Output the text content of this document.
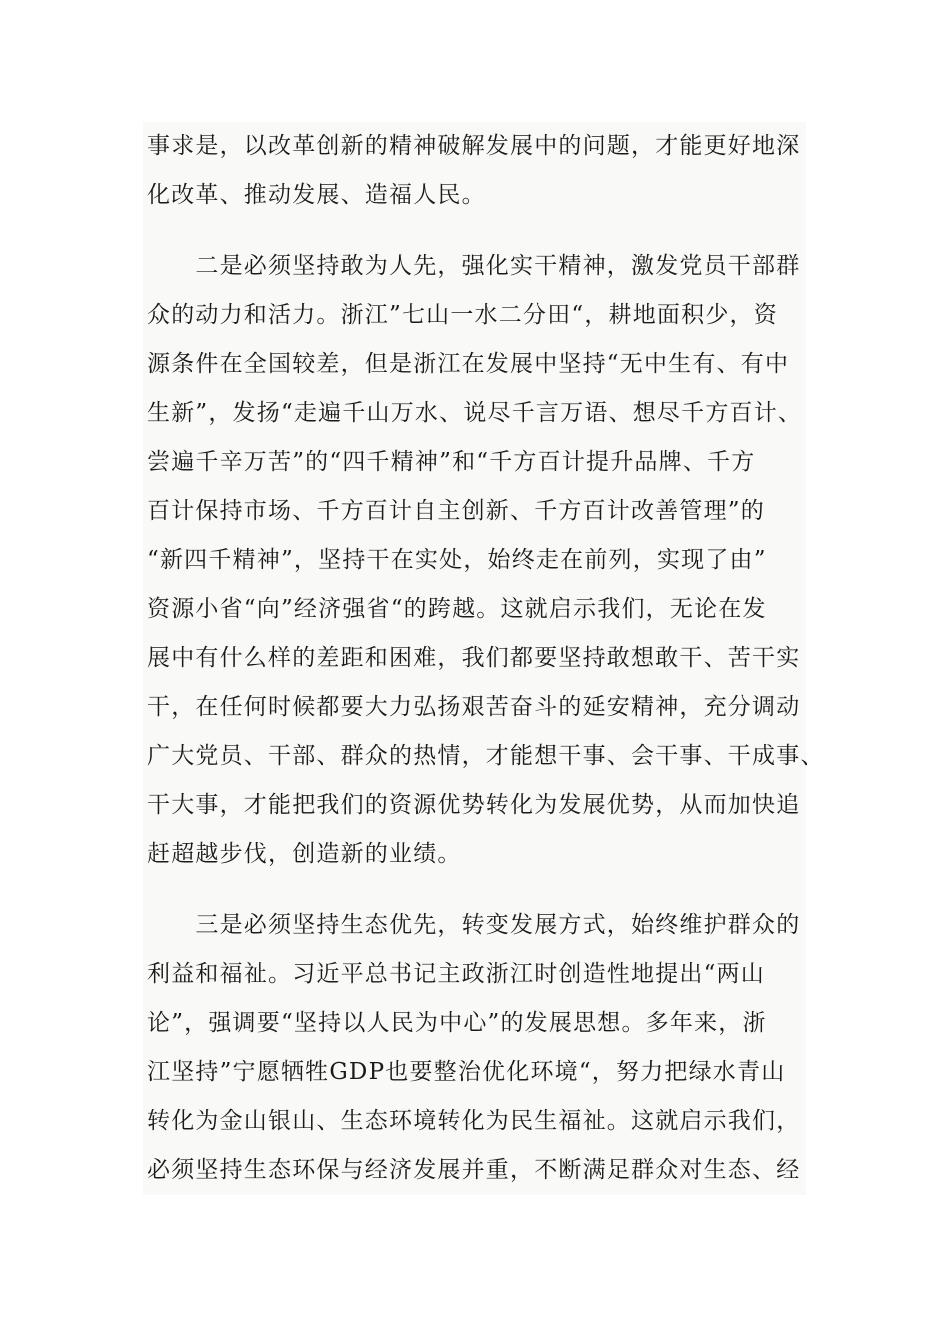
事求是，以改革创新的精神破解发展中的问题，才能更好地深
化改革、推动发展、造福人民。
　　二是必须坚持敢为人先，强化实干精神，激发党员干部群
众的动力和活力。浙江”七山一水二分田“，耕地面积少，资
源条件在全国较差，但是浙江在发展中坚持“无中生有、有中
生新”，发扬“走遍千山万水、说尽千言万语、想尽千方百计、
尝遍千辛万苦”的“四千精神”和“千方百计提升品牌、千方
百计保持市场、千方百计自主创新、千方百计改善管理”的
“新四千精神”，坚持干在实处，始终走在前列，实现了由”
资源小省“向”经济强省“的跨越。这就启示我们，无论在发
展中有什么样的差距和困难，我们都要坚持敢想敢干、苦干实
干，在任何时候都要大力弘扬艰苦奋斗的延安精神，充分调动
广大党员、干部、群众的热情，才能想干事、会干事、干成事、
干大事，才能把我们的资源优势转化为发展优势，从而加快追
赶超越步伐，创造新的业绩。
　　三是必须坚持生态优先，转变发展方式，始终维护群众的
利益和福祉。习近平总书记主政浙江时创造性地提出“两山
论”，强调要“坚持以人民为中心”的发展思想。多年来，浙
江坚持”宁愿牺牲GDP也要整治优化环境“，努力把绿水青山
转化为金山银山、生态环境转化为民生福祉。这就启示我们，
必须坚持生态环保与经济发展并重，不断满足群众对生态、经
